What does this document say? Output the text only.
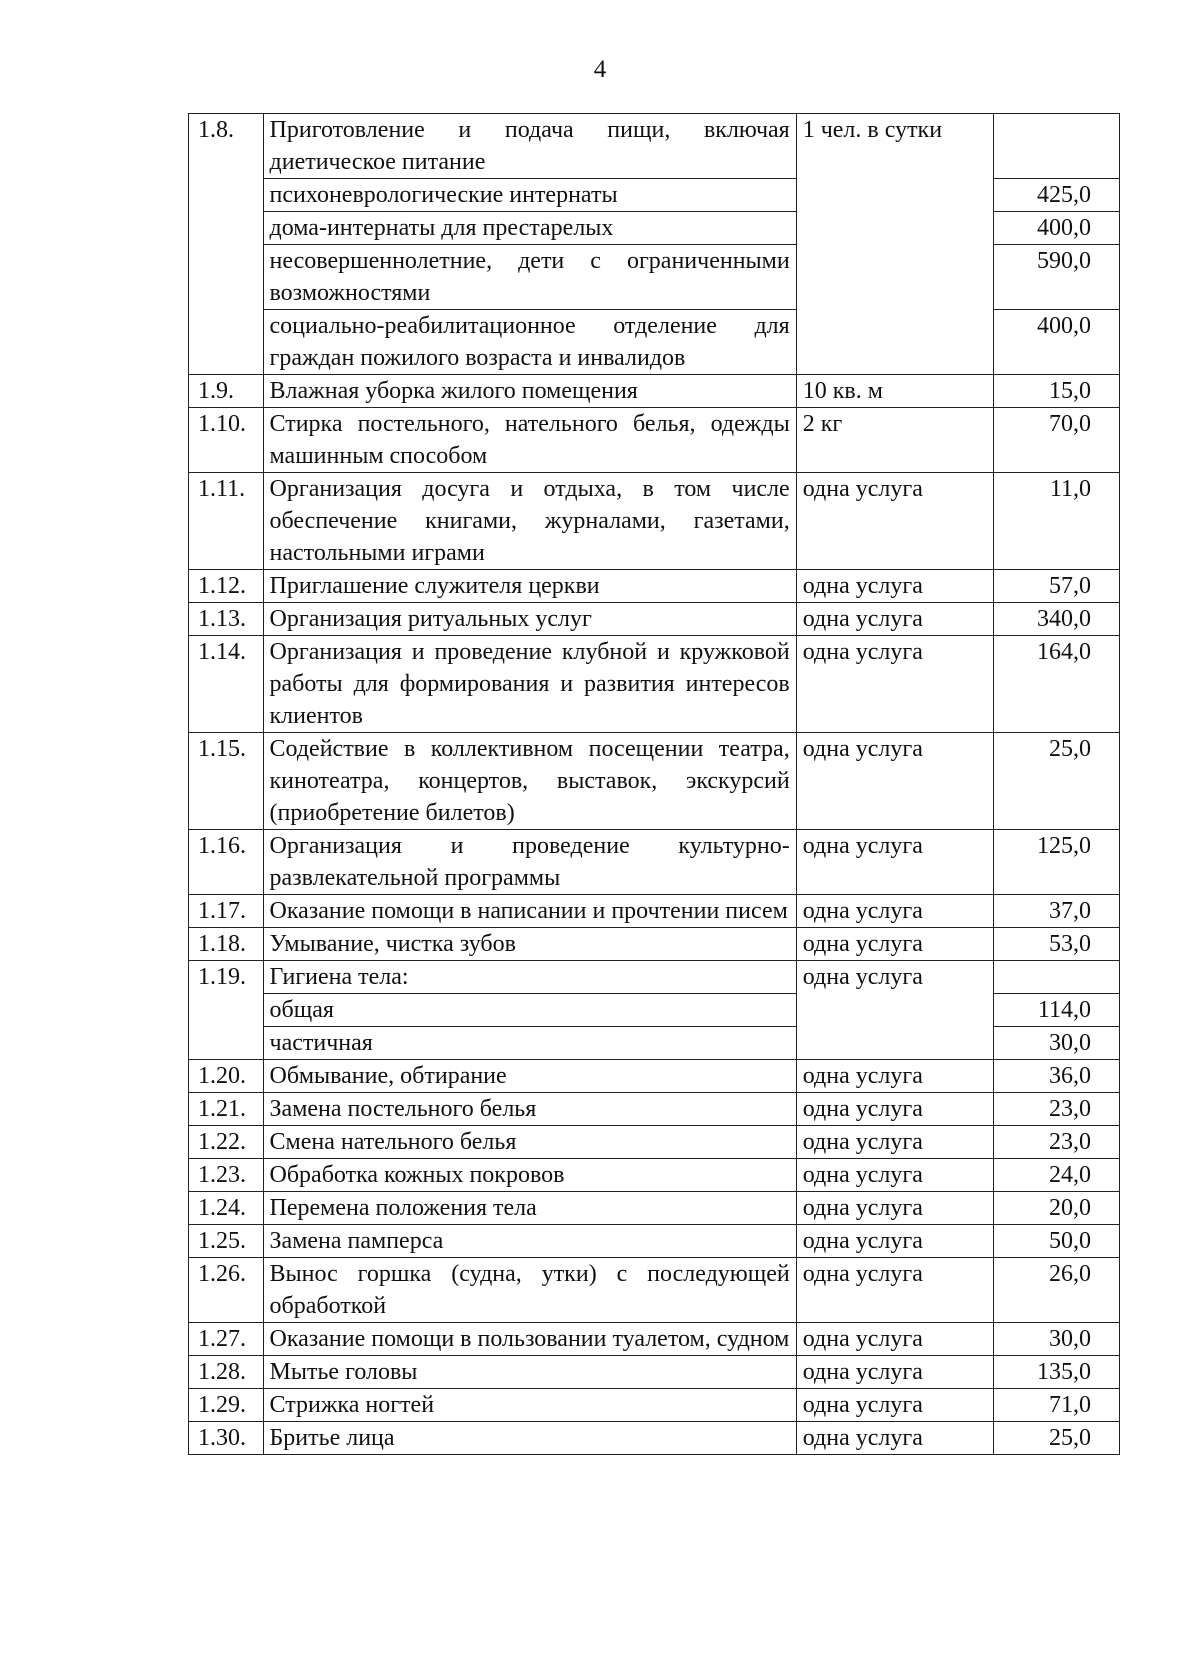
4
1.8.	Приготовление и подача пищи, включая диетическое питание	1 чел. в сутки	
	психоневрологические интернаты		425,0
	дома-интернаты для престарелых		400,0
	несовершеннолетние, дети с ограниченными возможностями		590,0
	социально-реабилитационное отделение для граждан пожилого возраста и инвалидов		400,0
1.9.	Влажная уборка жилого помещения	10 кв. м	15,0
1.10.	Стирка постельного, нательного белья, одежды машинным способом	2 кг	70,0
1.11.	Организация досуга и отдыха, в том числе обеспечение книгами, журналами, газетами, настольными играми	одна услуга	11,0
1.12.	Приглашение служителя церкви	одна услуга	57,0
1.13.	Организация ритуальных услуг	одна услуга	340,0
1.14.	Организация и проведение клубной и кружковой работы для формирования и развития интересов клиентов	одна услуга	164,0
1.15.	Содействие в коллективном посещении театра, кинотеатра, концертов, выставок, экскурсий (приобретение билетов)	одна услуга	25,0
1.16.	Организация и проведение культурно-развлекательной программы	одна услуга	125,0
1.17.	Оказание помощи в написании и прочтении писем	одна услуга	37,0
1.18.	Умывание, чистка зубов	одна услуга	53,0
1.19.	Гигиена тела:	одна услуга	
	общая		114,0
	частичная		30,0
1.20.	Обмывание, обтирание	одна услуга	36,0
1.21.	Замена постельного белья	одна услуга	23,0
1.22.	Смена нательного белья	одна услуга	23,0
1.23.	Обработка кожных покровов	одна услуга	24,0
1.24.	Перемена положения тела	одна услуга	20,0
1.25.	Замена памперса	одна услуга	50,0
1.26.	Вынос горшка (судна, утки) с последующей обработкой	одна услуга	26,0
1.27.	Оказание помощи в пользовании туалетом, судном	одна услуга	30,0
1.28.	Мытье головы	одна услуга	135,0
1.29.	Стрижка ногтей	одна услуга	71,0
1.30.	Бритье лица	одна услуга	25,0
